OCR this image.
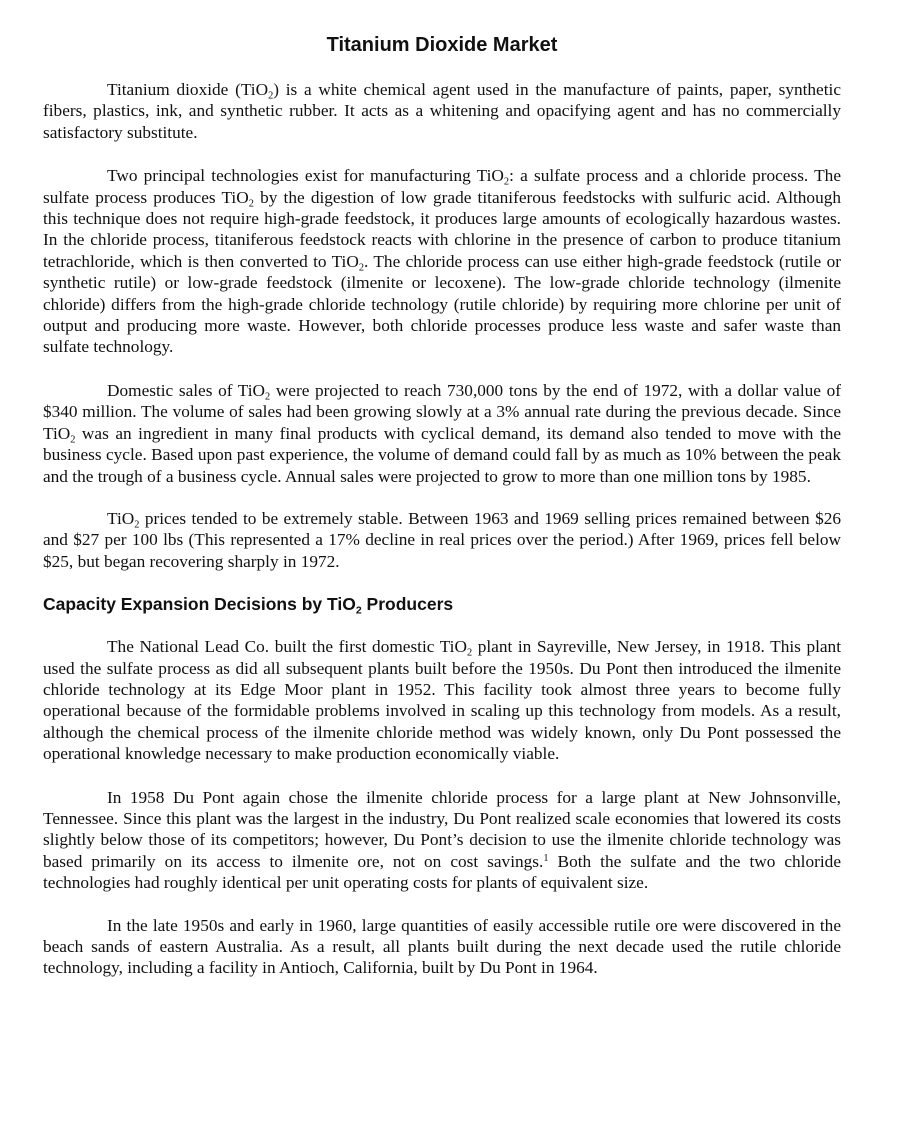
Titanium Dioxide Market

Titanium dioxide (TiO$_2$) is a white chemical agent used in the manufacture of paints, paper, synthetic fibers, plastics, ink, and synthetic rubber. It acts as a whitening and opacifying agent and has no commercially satisfactory substitute.

Two principal technologies exist for manufacturing TiO$_2$: a sulfate process and a chloride process. The sulfate process produces TiO$_2$ by the digestion of low grade titaniferous feedstocks with sulfuric acid. Although this technique does not require high-grade feedstock, it produces large amounts of ecologically hazardous wastes. In the chloride process, titaniferous feedstock reacts with chlorine in the presence of carbon to produce titanium tetrachloride, which is then converted to TiO$_2$. The chloride process can use either high-grade feedstock (rutile or synthetic rutile) or low-grade feedstock (ilmenite or lecoxene). The low-grade chloride technology (ilmenite chloride) differs from the high-grade chloride technology (rutile chloride) by requiring more chlorine per unit of output and producing more waste. However, both chloride processes produce less waste and safer waste than sulfate technology.

Domestic sales of TiO$_2$ were projected to reach 730,000 tons by the end of 1972, with a dollar value of $340 million. The volume of sales had been growing slowly at a 3% annual rate during the previous decade. Since TiO$_2$ was an ingredient in many final products with cyclical demand, its demand also tended to move with the business cycle. Based upon past experience, the volume of demand could fall by as much as 10% between the peak and the trough of a business cycle. Annual sales were projected to grow to more than one million tons by 1985.

TiO$_2$ prices tended to be extremely stable. Between 1963 and 1969 selling prices remained between $26 and $27 per 100 lbs (This represented a 17% decline in real prices over the period.) After 1969, prices fell below $25, but began recovering sharply in 1972.

Capacity Expansion Decisions by TiO$_2$ Producers

The National Lead Co. built the first domestic TiO$_2$ plant in Sayreville, New Jersey, in 1918. This plant used the sulfate process as did all subsequent plants built before the 1950s. Du Pont then introduced the ilmenite chloride technology at its Edge Moor plant in 1952. This facility took almost three years to become fully operational because of the formidable problems involved in scaling up this technology from models. As a result, although the chemical process of the ilmenite chloride method was widely known, only Du Pont possessed the operational knowledge necessary to make production economically viable.

In 1958 Du Pont again chose the ilmenite chloride process for a large plant at New Johnsonville, Tennessee. Since this plant was the largest in the industry, Du Pont realized scale economies that lowered its costs slightly below those of its competitors; however, Du Pont’s decision to use the ilmenite chloride technology was based primarily on its access to ilmenite ore, not on cost savings.$^1$ Both the sulfate and the two chloride technologies had roughly identical per unit operating costs for plants of equivalent size.

In the late 1950s and early in 1960, large quantities of easily accessible rutile ore were discovered in the beach sands of eastern Australia. As a result, all plants built during the next decade used the rutile chloride technology, including a facility in Antioch, California, built by Du Pont in 1964.
